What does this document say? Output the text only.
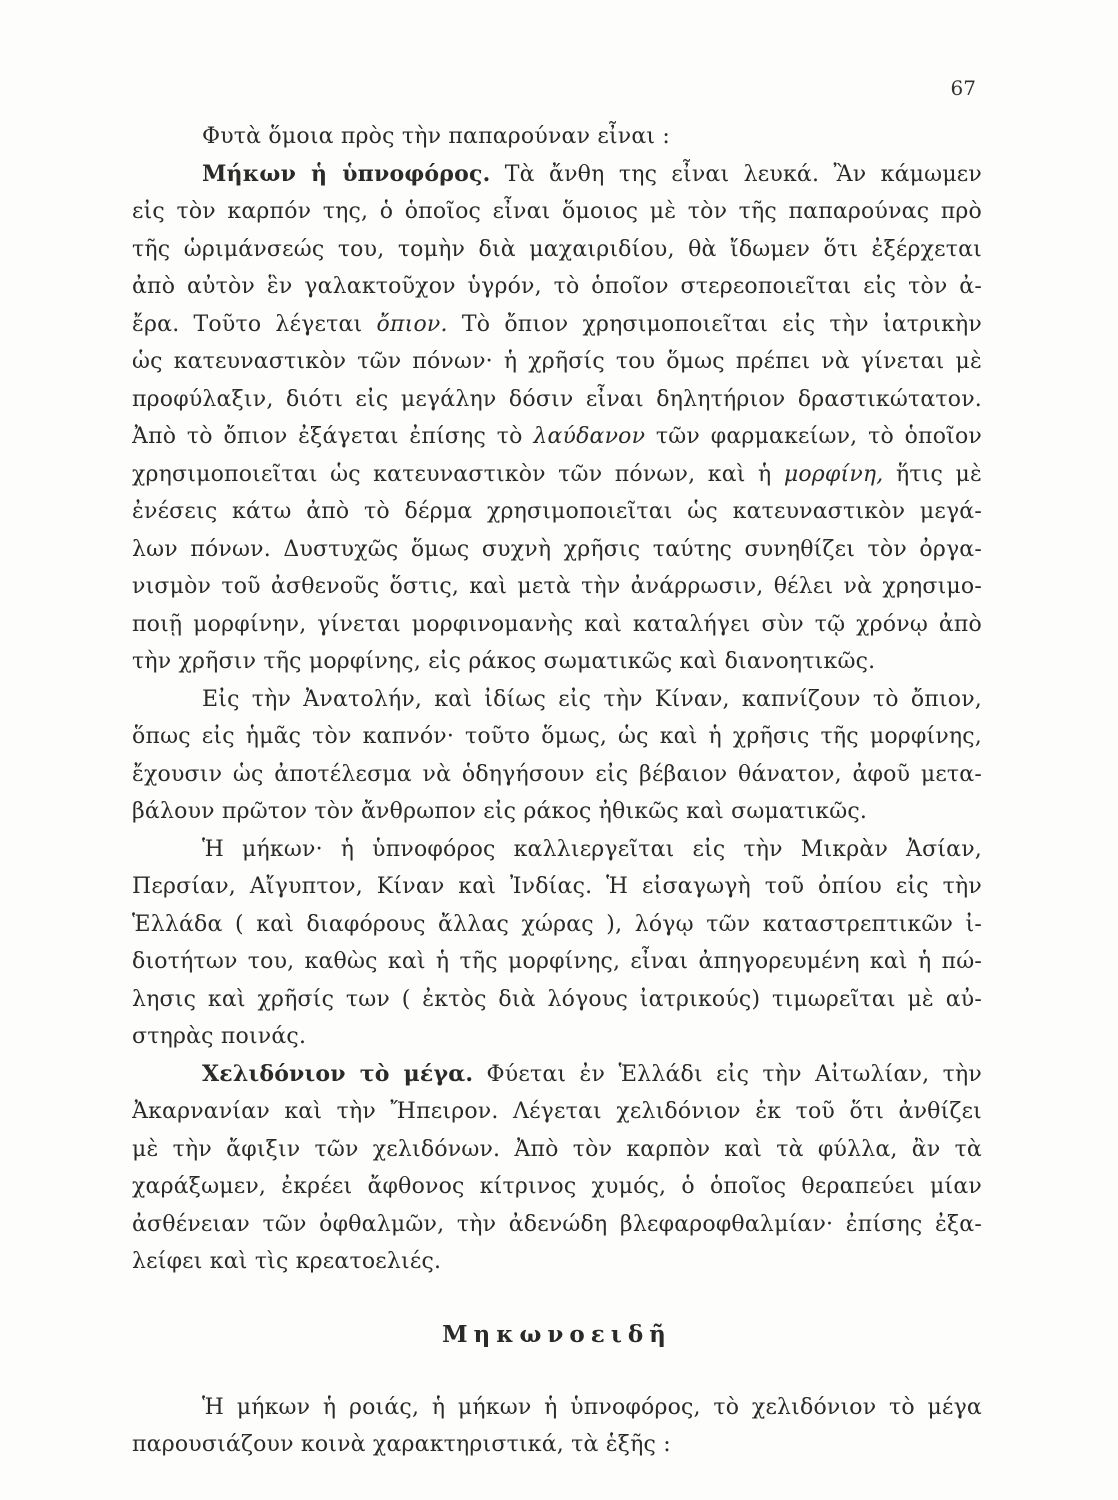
67
Φυτὰ ὅμοια πρὸς τὴν παπαρούναν εἶναι :
Μήκων ἡ ὑπνοφόρος. Τὰ ἄνθη της εἶναι λευκά. Ἂν κάμωμεν
εἰς τὸν καρπόν της, ὁ ὁποῖος εἶναι ὅμοιος μὲ τὸν τῆς παπαρούνας πρὸ
τῆς ὡριμάνσεώς του, τομὴν διὰ μαχαιριδίου, θὰ ἴδωμεν ὅτι ἐξέρχεται
ἀπὸ αὐτὸν ἓν γαλακτοῦχον ὑγρόν, τὸ ὁποῖον στερεοποιεῖται εἰς τὸν ἀ-
ἔρα. Τοῦτο λέγεται ὄπιον. Τὸ ὄπιον χρησιμοποιεῖται εἰς τὴν ἰατρικὴν
ὡς κατευναστικὸν τῶν πόνων· ἡ χρῆσίς του ὅμως πρέπει νὰ γίνεται μὲ
προφύλαξιν, διότι εἰς μεγάλην δόσιν εἶναι δηλητήριον δραστικώτατον.
Ἀπὸ τὸ ὄπιον ἐξάγεται ἐπίσης τὸ λαύδανον τῶν φαρμακείων, τὸ ὁποῖον
χρησιμοποιεῖται ὡς κατευναστικὸν τῶν πόνων, καὶ ἡ μορφίνη, ἥτις μὲ
ἐνέσεις κάτω ἀπὸ τὸ δέρμα χρησιμοποιεῖται ὡς κατευναστικὸν μεγά-
λων πόνων. Δυστυχῶς ὅμως συχνὴ χρῆσις ταύτης συνηθίζει τὸν ὀργα-
νισμὸν τοῦ ἀσθενοῦς ὅστις, καὶ μετὰ τὴν ἀνάρρωσιν, θέλει νὰ χρησιμο-
ποιῇ μορφίνην, γίνεται μορφινομανὴς καὶ καταλήγει σὺν τῷ χρόνῳ ἀπὸ
τὴν χρῆσιν τῆς μορφίνης, εἰς ράκος σωματικῶς καὶ διανοητικῶς.
Εἰς τὴν Ἀνατολήν, καὶ ἰδίως εἰς τὴν Κίναν, καπνίζουν τὸ ὄπιον,
ὅπως εἰς ἡμᾶς τὸν καπνόν· τοῦτο ὅμως, ὡς καὶ ἡ χρῆσις τῆς μορφίνης,
ἔχουσιν ὡς ἀποτέλεσμα νὰ ὁδηγήσουν εἰς βέβαιον θάνατον, ἀφοῦ μετα-
βάλουν πρῶτον τὸν ἄνθρωπον εἰς ράκος ἠθικῶς καὶ σωματικῶς.
Ἡ μήκων· ἡ ὑπνοφόρος καλλιεργεῖται εἰς τὴν Μικρὰν Ἀσίαν,
Περσίαν, Αἴγυπτον, Κίναν καὶ Ἰνδίας. Ἡ εἰσαγωγὴ τοῦ ὀπίου εἰς τὴν
Ἑλλάδα ( καὶ διαφόρους ἄλλας χώρας ), λόγῳ τῶν καταστρεπτικῶν ἰ-
διοτήτων του, καθὼς καὶ ἡ τῆς μορφίνης, εἶναι ἀπηγορευμένη καὶ ἡ πώ-
λησις καὶ χρῆσίς των ( ἐκτὸς διὰ λόγους ἰατρικούς) τιμωρεῖται μὲ αὐ-
στηρὰς ποινάς.
Χελιδόνιον τὸ μέγα. Φύεται ἐν Ἑλλάδι εἰς τὴν Αἰτωλίαν, τὴν
Ἀκαρνανίαν καὶ τὴν Ἤπειρον. Λέγεται χελιδόνιον ἐκ τοῦ ὅτι ἀνθίζει
μὲ τὴν ἄφιξιν τῶν χελιδόνων. Ἀπὸ τὸν καρπὸν καὶ τὰ φύλλα, ἂν τὰ
χαράξωμεν, ἐκρέει ἄφθονος κίτρινος χυμός, ὁ ὁποῖος θεραπεύει μίαν
ἀσθένειαν τῶν ὀφθαλμῶν, τὴν ἀδενώδη βλεφαροφθαλμίαν· ἐπίσης ἐξα-
λείφει καὶ τὶς κρεατοελιές.
Μηκωνοειδῆ
Ἡ μήκων ἡ ροιάς, ἡ μήκων ἡ ὑπνοφόρος, τὸ χελιδόνιον τὸ μέγα
παρουσιάζουν κοινὰ χαρακτηριστικά, τὰ ἑξῆς :
